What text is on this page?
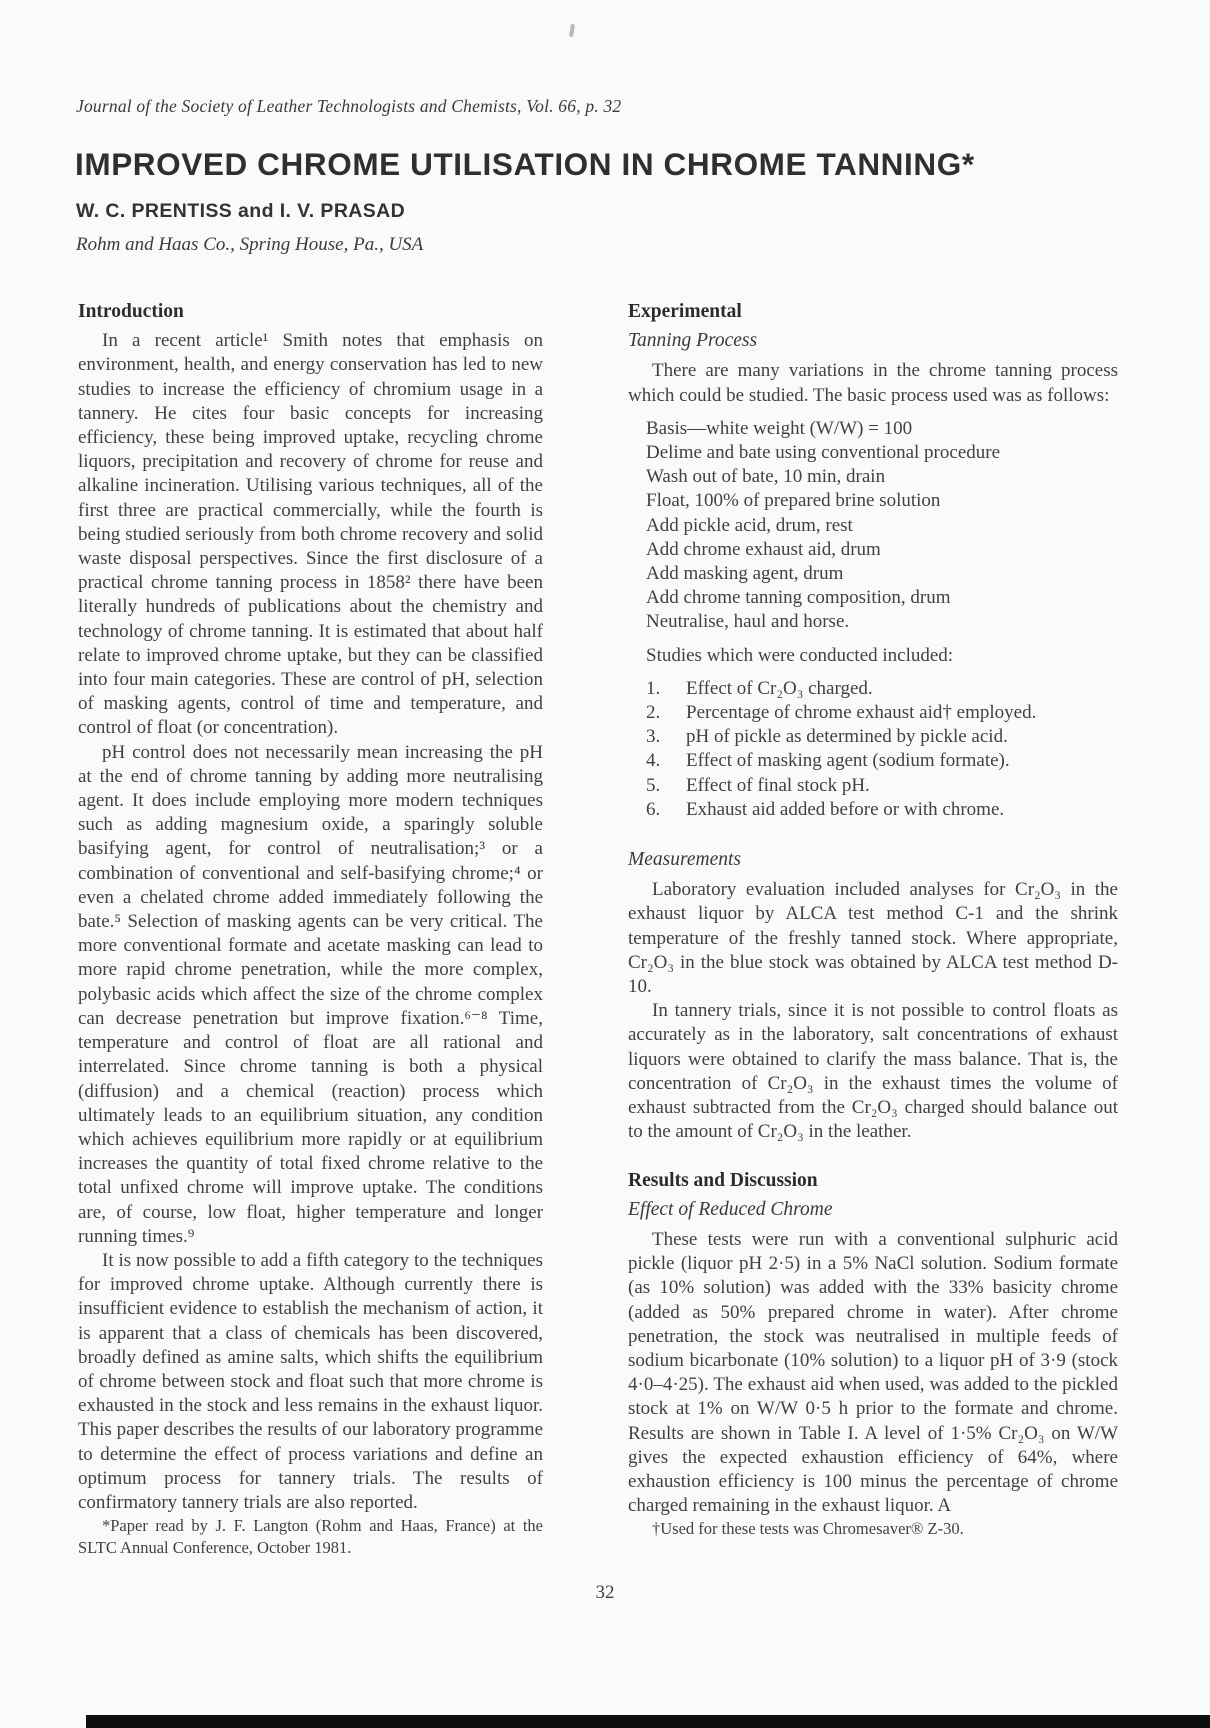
Journal of the Society of Leather Technologists and Chemists, Vol. 66, p. 32
IMPROVED CHROME UTILISATION IN CHROME TANNING*
W. C. PRENTISS and I. V. PRASAD
Rohm and Haas Co., Spring House, Pa., USA
Introduction

In a recent article¹ Smith notes that emphasis on environment, health, and energy conservation has led to new studies to increase the efficiency of chromium usage in a tannery. He cites four basic concepts for increasing efficiency, these being improved uptake, recycling chrome liquors, precipitation and recovery of chrome for reuse and alkaline incineration. Utilising various techniques, all of the first three are practical commercially, while the fourth is being studied seriously from both chrome recovery and solid waste disposal perspectives. Since the first disclosure of a practical chrome tanning process in 1858² there have been literally hundreds of publications about the chemistry and technology of chrome tanning. It is estimated that about half relate to improved chrome uptake, but they can be classified into four main categories. These are control of pH, selection of masking agents, control of time and temperature, and control of float (or concentration).

pH control does not necessarily mean increasing the pH at the end of chrome tanning by adding more neutralising agent. It does include employing more modern techniques such as adding magnesium oxide, a sparingly soluble basifying agent, for control of neutralisation;³ or a combination of conventional and self-basifying chrome;⁴ or even a chelated chrome added immediately following the bate.⁵ Selection of masking agents can be very critical. The more conventional formate and acetate masking can lead to more rapid chrome penetration, while the more complex, polybasic acids which affect the size of the chrome complex can decrease penetration but improve fixation.⁶⁻⁸ Time, temperature and control of float are all rational and interrelated. Since chrome tanning is both a physical (diffusion) and a chemical (reaction) process which ultimately leads to an equilibrium situation, any condition which achieves equilibrium more rapidly or at equilibrium increases the quantity of total fixed chrome relative to the total unfixed chrome will improve uptake. The conditions are, of course, low float, higher temperature and longer running times.⁹

It is now possible to add a fifth category to the techniques for improved chrome uptake. Although currently there is insufficient evidence to establish the mechanism of action, it is apparent that a class of chemicals has been discovered, broadly defined as amine salts, which shifts the equilibrium of chrome between stock and float such that more chrome is exhausted in the stock and less remains in the exhaust liquor. This paper describes the results of our laboratory programme to determine the effect of process variations and define an optimum process for tannery trials. The results of confirmatory tannery trials are also reported.

*Paper read by J. F. Langton (Rohm and Haas, France) at the SLTC Annual Conference, October 1981.

Experimental
Tanning Process

There are many variations in the chrome tanning process which could be studied. The basic process used was as follows:

Basis—white weight (W/W) = 100
Delime and bate using conventional procedure
Wash out of bate, 10 min, drain
Float, 100% of prepared brine solution
Add pickle acid, drum, rest
Add chrome exhaust aid, drum
Add masking agent, drum
Add chrome tanning composition, drum
Neutralise, haul and horse.
Studies which were conducted included:
1.	Effect of Cr₂O₃ charged.
2.	Percentage of chrome exhaust aid† employed.
3.	pH of pickle as determined by pickle acid.
4.	Effect of masking agent (sodium formate).
5.	Effect of final stock pH.
6.	Exhaust aid added before or with chrome.
Measurements

Laboratory evaluation included analyses for Cr₂O₃ in the exhaust liquor by ALCA test method C-1 and the shrink temperature of the freshly tanned stock. Where appropriate, Cr₂O₃ in the blue stock was obtained by ALCA test method D-10.

In tannery trials, since it is not possible to control floats as accurately as in the laboratory, salt concentrations of exhaust liquors were obtained to clarify the mass balance. That is, the concentration of Cr₂O₃ in the exhaust times the volume of exhaust subtracted from the Cr₂O₃ charged should balance out to the amount of Cr₂O₃ in the leather.

Results and Discussion
Effect of Reduced Chrome

These tests were run with a conventional sulphuric acid pickle (liquor pH 2·5) in a 5% NaCl solution. Sodium formate (as 10% solution) was added with the 33% basicity chrome (added as 50% prepared chrome in water). After chrome penetration, the stock was neutralised in multiple feeds of sodium bicarbonate (10% solution) to a liquor pH of 3·9 (stock 4·0–4·25). The exhaust aid when used, was added to the pickled stock at 1% on W/W 0·5 h prior to the formate and chrome. Results are shown in Table I. A level of 1·5% Cr₂O₃ on W/W gives the expected exhaustion efficiency of 64%, where exhaustion efficiency is 100 minus the percentage of chrome charged remaining in the exhaust liquor. A

†Used for these tests was Chromesaver® Z-30.

32
